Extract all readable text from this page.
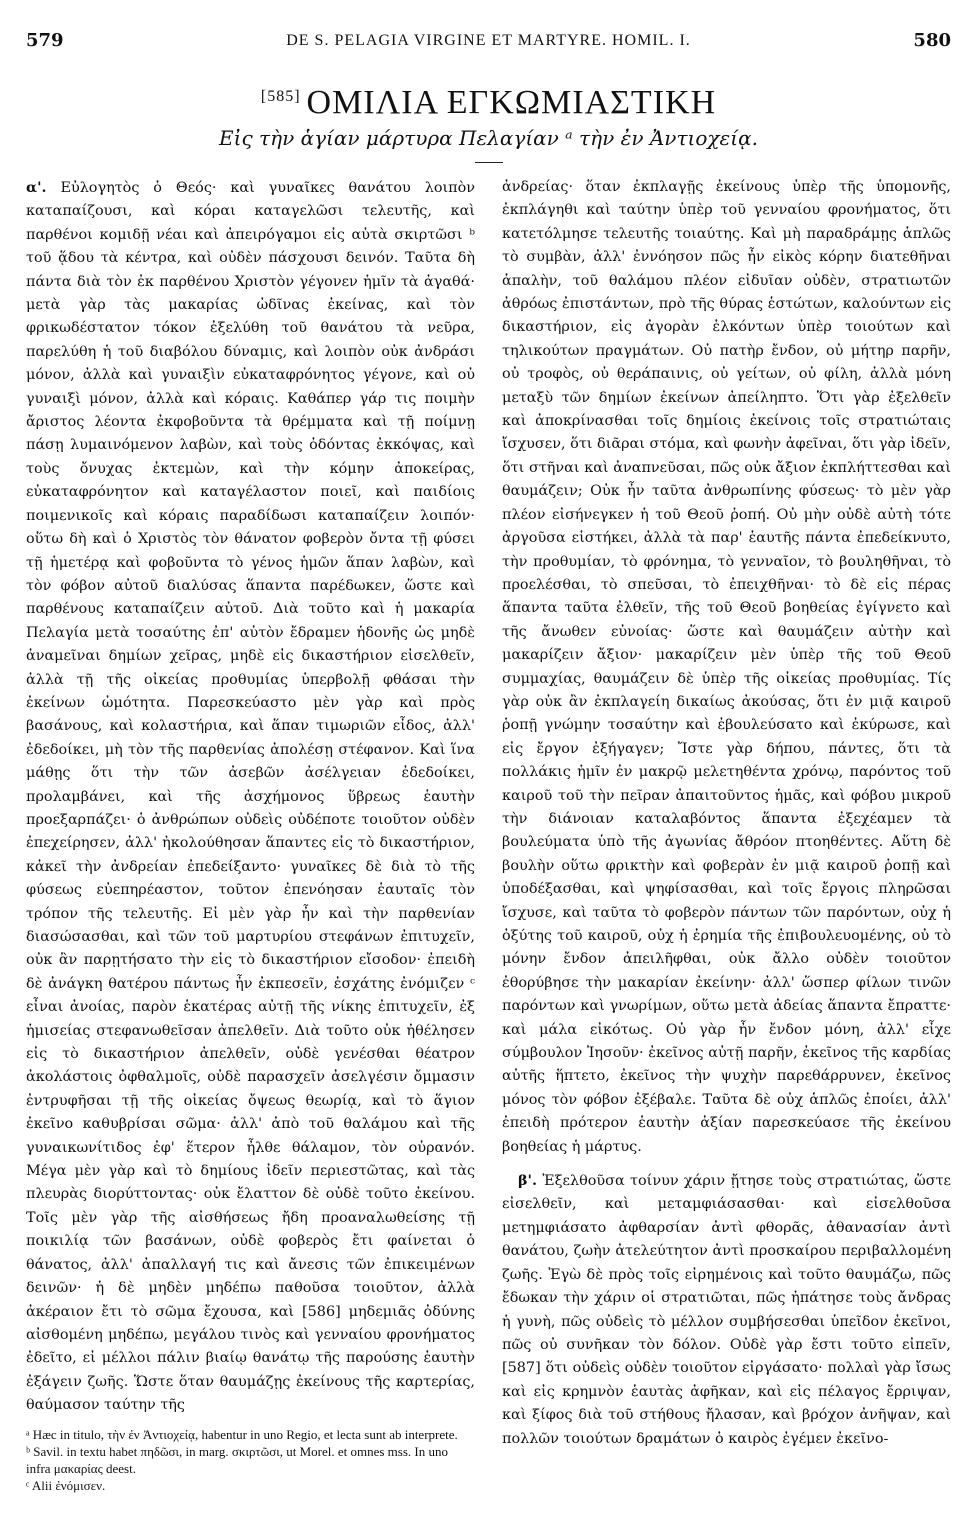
579	DE S. PELAGIA VIRGINE ET MARTYRE. HOMIL. I.	580
[585] ΟΜΙΛΙΑ ΕΓΚΩΜΙΑΣΤΙΚΗ
Εἰς τὴν ἁγίαν μάρτυρα Πελαγίαν ᵃ τὴν ἐν Ἀντιοχείᾳ.

α'. Εὐλογητὸς ὁ Θεός· καὶ γυναῖκες θανάτου λοιπὸν καταπαίζουσι, καὶ κόραι καταγελῶσι τελευτῆς, καὶ παρθένοι κομιδῇ νέαι καὶ ἀπειρόγαμοι εἰς αὐτὰ σκιρτῶσι ᵇ τοῦ ᾅδου τὰ κέντρα, καὶ οὐδὲν πάσχουσι δεινόν. Ταῦτα δὴ πάντα διὰ τὸν ἐκ παρθένου Χριστὸν γέγονεν ἡμῖν τὰ ἀγαθά· μετὰ γὰρ τὰς μακαρίας ὠδῖνας ἐκείνας, καὶ τὸν φρικωδέστατον τόκον ἐξελύθη τοῦ θανάτου τὰ νεῦρα, παρελύθη ἡ τοῦ διαβόλου δύναμις, καὶ λοιπὸν οὐκ ἀνδράσι μόνον, ἀλλὰ καὶ γυναιξὶν εὐκαταφρόνητος γέγονε, καὶ οὐ γυναιξὶ μόνον, ἀλλὰ καὶ κόραις. Καθάπερ γάρ τις ποιμὴν ἄριστος λέοντα ἐκφοβοῦντα τὰ θρέμματα καὶ τῇ ποίμνῃ πάσῃ λυμαινόμενον λαβὼν, καὶ τοὺς ὀδόντας ἐκκόψας, καὶ τοὺς ὄνυχας ἐκτεμὼν, καὶ τὴν κόμην ἀποκείρας, εὐκαταφρόνητον καὶ καταγέλαστον ποιεῖ, καὶ παιδίοις ποιμενικοῖς καὶ κόραις παραδίδωσι καταπαίζειν λοιπόν· οὕτω δὴ καὶ ὁ Χριστὸς τὸν θάνατον φοβερὸν ὄντα τῇ φύσει τῇ ἡμετέρᾳ καὶ φοβοῦντα τὸ γένος ἡμῶν ἅπαν λαβὼν, καὶ τὸν φόβον αὐτοῦ διαλύσας ἅπαντα παρέδωκεν, ὥστε καὶ παρθένους καταπαίζειν αὐτοῦ. Διὰ τοῦτο καὶ ἡ μακαρία Πελαγία μετὰ τοσαύτης ἐπ' αὐτὸν ἔδραμεν ἡδονῆς ὡς μηδὲ ἀναμεῖναι δημίων χεῖρας, μηδὲ εἰς δικαστήριον εἰσελθεῖν, ἀλλὰ τῇ τῆς οἰκείας προθυμίας ὑπερβολῇ φθάσαι τὴν ἐκείνων ὠμότητα. Παρεσκεύαστο μὲν γὰρ καὶ πρὸς βασάνους, καὶ κολαστήρια, καὶ ἅπαν τιμωριῶν εἶδος, ἀλλ' ἐδεδοίκει, μὴ τὸν τῆς παρθενίας ἀπολέσῃ στέφανον. Καὶ ἵνα μάθῃς ὅτι τὴν τῶν ἀσεβῶν ἀσέλγειαν ἐδεδοίκει, προλαμβάνει, καὶ τῆς ἀσχήμονος ὕβρεως ἑαυτὴν προεξαρπάζει· ὁ ἀνθρώπων οὐδεὶς οὐδέποτε τοιοῦτον οὐδὲν ἐπεχείρησεν, ἀλλ' ἠκολούθησαν ἅπαντες εἰς τὸ δικαστήριον, κἀκεῖ τὴν ἀνδρείαν ἐπεδείξαντο· γυναῖκες δὲ διὰ τὸ τῆς φύσεως εὐεπηρέαστον, τοῦτον ἐπενόησαν ἑαυταῖς τὸν τρόπον τῆς τελευτῆς. Εἰ μὲν γὰρ ἦν καὶ τὴν παρθενίαν διασώσασθαι, καὶ τῶν τοῦ μαρτυρίου στεφάνων ἐπιτυχεῖν, οὐκ ἂν παρῃτήσατο τὴν εἰς τὸ δικαστήριον εἴσοδον· ἐπειδὴ δὲ ἀνάγκη θατέρου πάντως ἦν ἐκπεσεῖν, ἐσχάτης ἐνόμιζεν ᶜ εἶναι ἀνοίας, παρὸν ἑκατέρας αὐτῇ τῆς νίκης ἐπιτυχεῖν, ἐξ ἡμισείας στεφανωθεῖσαν ἀπελθεῖν. Διὰ τοῦτο οὐκ ἠθέλησεν εἰς τὸ δικαστήριον ἀπελθεῖν, οὐδὲ γενέσθαι θέατρον ἀκολάστοις ὀφθαλμοῖς, οὐδὲ παρασχεῖν ἀσελγέσιν ὄμμασιν ἐντρυφῆσαι τῇ τῆς οἰκείας ὄψεως θεωρίᾳ, καὶ τὸ ἅγιον ἐκεῖνο καθυβρίσαι σῶμα· ἀλλ' ἀπὸ τοῦ θαλάμου καὶ τῆς γυναικωνίτιδος ἐφ' ἕτερον ἦλθε θάλαμον, τὸν οὐρανόν. Μέγα μὲν γὰρ καὶ τὸ δημίους ἰδεῖν περιεστῶτας, καὶ τὰς πλευρὰς διορύττοντας· οὐκ ἔλαττον δὲ οὐδὲ τοῦτο ἐκείνου. Τοῖς μὲν γὰρ τῆς αἰσθήσεως ἤδη προαναλωθείσης τῇ ποικιλίᾳ τῶν βασάνων, οὐδὲ φοβερὸς ἔτι φαίνεται ὁ θάνατος, ἀλλ' ἀπαλλαγή τις καὶ ἄνεσις τῶν ἐπικειμένων δεινῶν· ἡ δὲ μηδὲν μηδέπω παθοῦσα τοιοῦτον, ἀλλὰ ἀκέραιον ἔτι τὸ σῶμα ἔχουσα, καὶ [586] μηδεμιᾶς ὀδύνης αἰσθομένη μηδέπω, μεγάλου τινὸς καὶ γενναίου φρονήματος ἐδεῖτο, εἰ μέλλοι πάλιν βιαίῳ θανάτῳ τῆς παρούσης ἑαυτὴν ἐξάγειν ζωῆς. Ὥστε ὅταν θαυμάζῃς ἐκείνους τῆς καρτερίας, θαύμασον ταύτην τῆς

ᵃ Hæc in titulo, τὴν ἐν Ἀντιοχείᾳ, habentur in uno Regio, et lecta sunt ab interprete.
ᵇ Savil. in textu habet πηδῶσι, in marg. σκιρτῶσι, ut Morel. et omnes mss. In uno infra μακαρίας deest.
ᶜ Alii ἐνόμισεν.

ἀνδρείας· ὅταν ἐκπλαγῇς ἐκείνους ὑπὲρ τῆς ὑπομονῆς, ἐκπλάγηθι καὶ ταύτην ὑπὲρ τοῦ γενναίου φρονήματος, ὅτι κατετόλμησε τελευτῆς τοιαύτης. Καὶ μὴ παραδράμῃς ἁπλῶς τὸ συμβὰν, ἀλλ' ἐννόησον πῶς ἦν εἰκὸς κόρην διατεθῆναι ἁπαλὴν, τοῦ θαλάμου πλέον εἰδυῖαν οὐδὲν, στρατιωτῶν ἀθρόως ἐπιστάντων, πρὸ τῆς θύρας ἑστώτων, καλούντων εἰς δικαστήριον, εἰς ἀγορὰν ἑλκόντων ὑπὲρ τοιούτων καὶ τηλικούτων πραγμάτων. Οὐ πατὴρ ἔνδον, οὐ μήτηρ παρῆν, οὐ τροφὸς, οὐ θεράπαινις, οὐ γείτων, οὐ φίλη, ἀλλὰ μόνη μεταξὺ τῶν δημίων ἐκείνων ἀπείληπτο. Ὅτι γὰρ ἐξελθεῖν καὶ ἀποκρίνασθαι τοῖς δημίοις ἐκείνοις τοῖς στρατιώταις ἴσχυσεν, ὅτι διᾶραι στόμα, καὶ φωνὴν ἀφεῖναι, ὅτι γὰρ ἰδεῖν, ὅτι στῆναι καὶ ἀναπνεῦσαι, πῶς οὐκ ἄξιον ἐκπλήττεσθαι καὶ θαυμάζειν; Οὐκ ἦν ταῦτα ἀνθρωπίνης φύσεως· τὸ μὲν γὰρ πλέον εἰσήνεγκεν ἡ τοῦ Θεοῦ ῥοπή. Οὐ μὴν οὐδὲ αὐτὴ τότε ἀργοῦσα εἱστήκει, ἀλλὰ τὰ παρ' ἑαυτῆς πάντα ἐπεδείκνυτο, τὴν προθυμίαν, τὸ φρόνημα, τὸ γενναῖον, τὸ βουληθῆναι, τὸ προελέσθαι, τὸ σπεῦσαι, τὸ ἐπειχθῆναι· τὸ δὲ εἰς πέρας ἅπαντα ταῦτα ἐλθεῖν, τῆς τοῦ Θεοῦ βοηθείας ἐγίγνετο καὶ τῆς ἄνωθεν εὐνοίας· ὥστε καὶ θαυμάζειν αὐτὴν καὶ μακαρίζειν ἄξιον· μακαρίζειν μὲν ὑπὲρ τῆς τοῦ Θεοῦ συμμαχίας, θαυμάζειν δὲ ὑπὲρ τῆς οἰκείας προθυμίας. Τίς γὰρ οὐκ ἂν ἐκπλαγείη δικαίως ἀκούσας, ὅτι ἐν μιᾷ καιροῦ ῥοπῇ γνώμην τοσαύτην καὶ ἐβουλεύσατο καὶ ἐκύρωσε, καὶ εἰς ἔργον ἐξήγαγεν; Ἴστε γὰρ δήπου, πάντες, ὅτι τὰ πολλάκις ἡμῖν ἐν μακρῷ μελετηθέντα χρόνῳ, παρόντος τοῦ καιροῦ τοῦ τὴν πεῖραν ἀπαιτοῦντος ἡμᾶς, καὶ φόβου μικροῦ τὴν διάνοιαν καταλαβόντος ἅπαντα ἐξεχέαμεν τὰ βουλεύματα ὑπὸ τῆς ἀγωνίας ἄθρόον πτοηθέντες. Αὕτη δὲ βουλὴν οὕτω φρικτὴν καὶ φοβερὰν ἐν μιᾷ καιροῦ ῥοπῇ καὶ ὑποδέξασθαι, καὶ ψηφίσασθαι, καὶ τοῖς ἔργοις πληρῶσαι ἴσχυσε, καὶ ταῦτα τὸ φοβερὸν πάντων τῶν παρόντων, οὐχ ἡ ὀξύτης τοῦ καιροῦ, οὐχ ἡ ἐρημία τῆς ἐπιβουλευομένης, οὐ τὸ μόνην ἔνδον ἀπειλῆφθαι, οὐκ ἄλλο οὐδὲν τοιοῦτον ἐθορύβησε τὴν μακαρίαν ἐκείνην· ἀλλ' ὥσπερ φίλων τινῶν παρόντων καὶ γνωρίμων, οὕτω μετὰ ἀδείας ἅπαντα ἔπραττε· καὶ μάλα εἰκότως. Οὐ γὰρ ἦν ἔνδον μόνη, ἀλλ' εἶχε σύμβουλον Ἰησοῦν· ἐκεῖνος αὐτῇ παρῆν, ἐκεῖνος τῆς καρδίας αὐτῆς ἥπτετο, ἐκεῖνος τὴν ψυχὴν παρεθάρρυνεν, ἐκεῖνος μόνος τὸν φόβον ἐξέβαλε. Ταῦτα δὲ οὐχ ἁπλῶς ἐποίει, ἀλλ' ἐπειδὴ πρότερον ἑαυτὴν ἀξίαν παρεσκεύασε τῆς ἐκείνου βοηθείας ἡ μάρτυς.

β'. Ἐξελθοῦσα τοίνυν χάριν ᾔτησε τοὺς στρατιώτας, ὥστε εἰσελθεῖν, καὶ μεταμφιάσασθαι· καὶ εἰσελθοῦσα μετημφιάσατο ἀφθαρσίαν ἀντὶ φθορᾶς, ἀθανασίαν ἀντὶ θανάτου, ζωὴν ἀτελεύτητον ἀντὶ προσκαίρου περιβαλλομένη ζωῆς. Ἐγὼ δὲ πρὸς τοῖς εἰρημένοις καὶ τοῦτο θαυμάζω, πῶς ἔδωκαν τὴν χάριν οἱ στρατιῶται, πῶς ἠπάτησε τοὺς ἄνδρας ἡ γυνὴ, πῶς οὐδεὶς τὸ μέλλον συμβήσεσθαι ὑπεῖδον ἐκεῖνοι, πῶς οὐ συνῆκαν τὸν δόλον. Οὐδὲ γὰρ ἔστι τοῦτο εἰπεῖν, [587] ὅτι οὐδεὶς οὐδὲν τοιοῦτον εἰργάσατο· πολλαὶ γὰρ ἴσως καὶ εἰς κρημνὸν ἑαυτὰς ἀφῆκαν, καὶ εἰς πέλαγος ἔρριψαν, καὶ ξίφος διὰ τοῦ στήθους ἤλασαν, καὶ βρόχον ἀνῆψαν, καὶ πολλῶν τοιούτων δραμάτων ὁ καιρὸς ἐγέμεν ἐκεῖνο-
